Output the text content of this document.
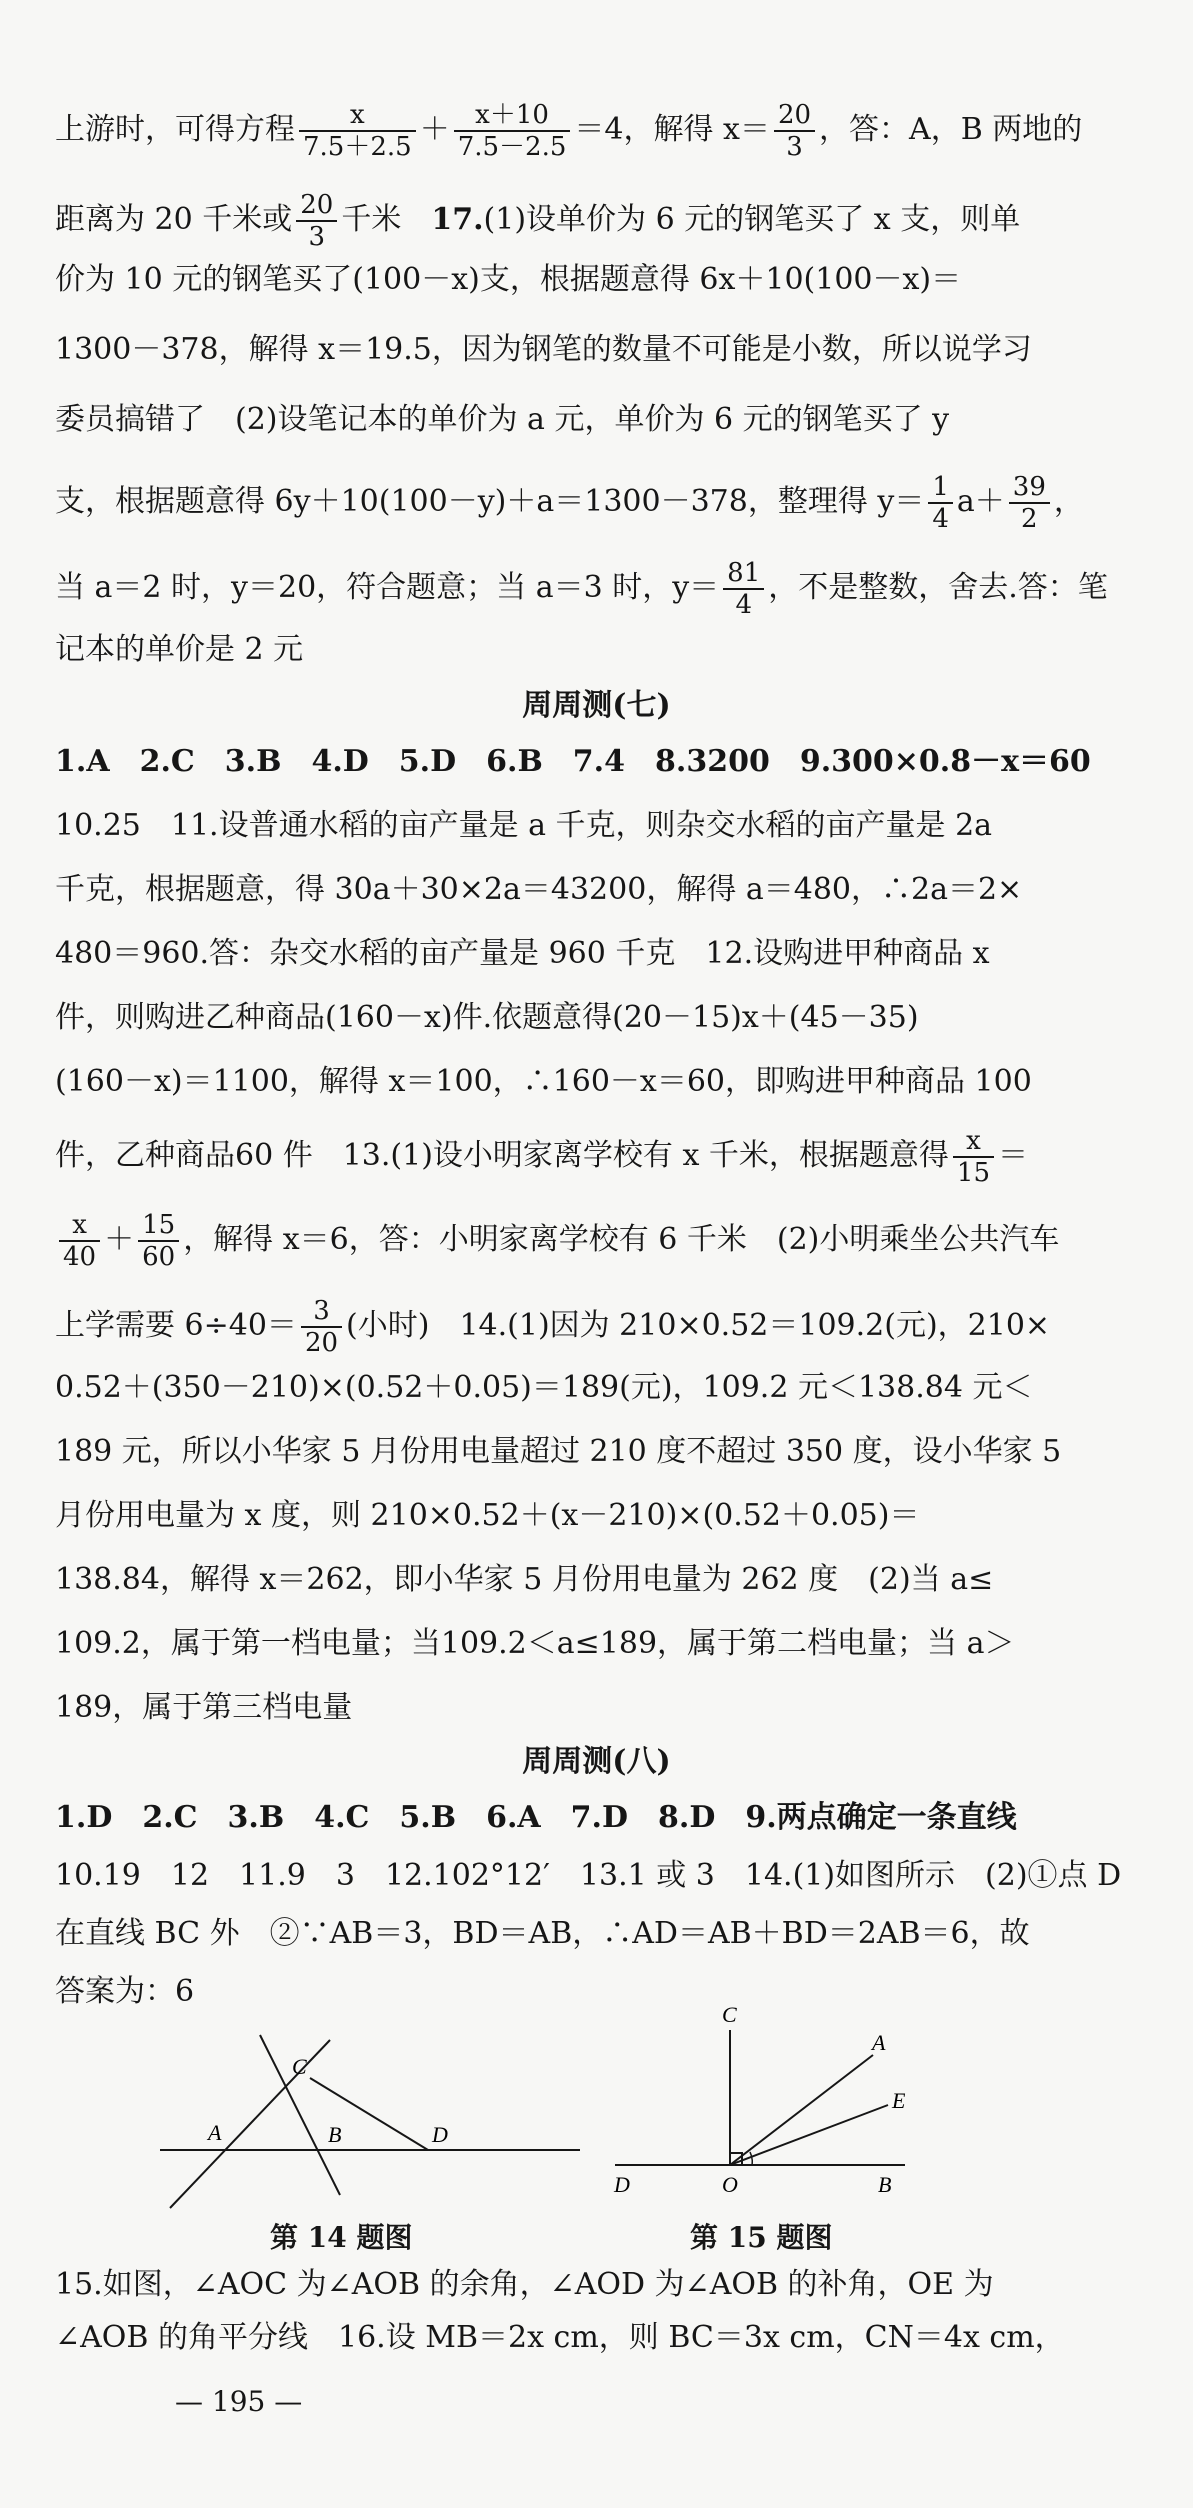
上游时，可得方程 $\frac{x}{7.5+2.5} + \frac{x+10}{7.5-2.5} =4$，解得 $x= \frac{20}{3}$ ，答：A，B 两地的
距离为 20 千米或 $\frac{20}{3}$ 千米　17.(1)设单价为 6 元的钢笔买了 x 支，则单
价为 10 元的钢笔买了(100－x)支，根据题意得 6x＋10(100－x)＝
1300－378，解得 x＝19.5，因为钢笔的数量不可能是小数，所以说学习
委员搞错了　(2)设笔记本的单价为 a 元，单价为 6 元的钢笔买了 y
支，根据题意得 6y＋10(100－y)＋a＝1300－378，整理得 $y= \frac{1}{4} a+ \frac{39}{2}$ ，
当 a＝2 时，y＝20，符合题意；当 a＝3 时，$y= \frac{81}{4}$ ，不是整数，舍去.答：笔
记本的单价是 2 元
周周测(七)
1.A　2.C　3.B　4.D　5.D　6.B　7.4　8.3200　9.300×0.8－x＝60
10.25　11.设普通水稻的亩产量是 a 千克，则杂交水稻的亩产量是 2a
千克，根据题意，得 30a＋30×2a＝43200，解得 a＝480，∴2a＝2×
480＝960.答：杂交水稻的亩产量是 960 千克　12.设购进甲种商品 x
件，则购进乙种商品(160－x)件.依题意得(20－15)x＋(45－35)
(160－x)＝1100，解得 x＝100，∴160－x＝60，即购进甲种商品 100
件，乙种商品60 件　13.(1)设小明家离学校有 x 千米，根据题意得 $\frac{x}{15}$ ＝
$\frac{x}{40} + \frac{15}{60}$ ，解得 x＝6，答：小明家离学校有 6 千米　(2)小明乘坐公共汽车
上学需要 $6\div 40= \frac{3}{20}$ (小时)　14.(1)因为 210×0.52＝109.2(元)，210×
0.52＋(350－210)×(0.52＋0.05)＝189(元)，109.2 元＜138.84 元＜
189 元，所以小华家 5 月份用电量超过 210 度不超过 350 度，设小华家 5
月份用电量为 x 度，则 210×0.52＋(x－210)×(0.52＋0.05)＝
138.84，解得 x＝262，即小华家 5 月份用电量为 262 度　(2)当 a≤
109.2，属于第一档电量；当109.2＜a≤189，属于第二档电量；当 a＞
189，属于第三档电量
周周测(八)
1.D　2.C　3.B　4.C　5.B　6.A　7.D　8.D　9.两点确定一条直线
10.19　12　11.9　3　12.102°12′　13.1 或 3　14.(1)如图所示　(2)①点 D
在直线 BC 外　②∵AB＝3，BD＝AB，∴AD＝AB＋BD＝2AB＝6，故
答案为：6
A
C
B	D
第 14 题图
C
A
E
D	O	B
第 15 题图
15.如图，∠AOC 为∠AOB 的余角，∠AOD 为∠AOB 的补角，OE 为
∠AOB 的角平分线　16.设 MB＝2x cm，则 BC＝3x cm，CN＝4x cm，
— 195 —
